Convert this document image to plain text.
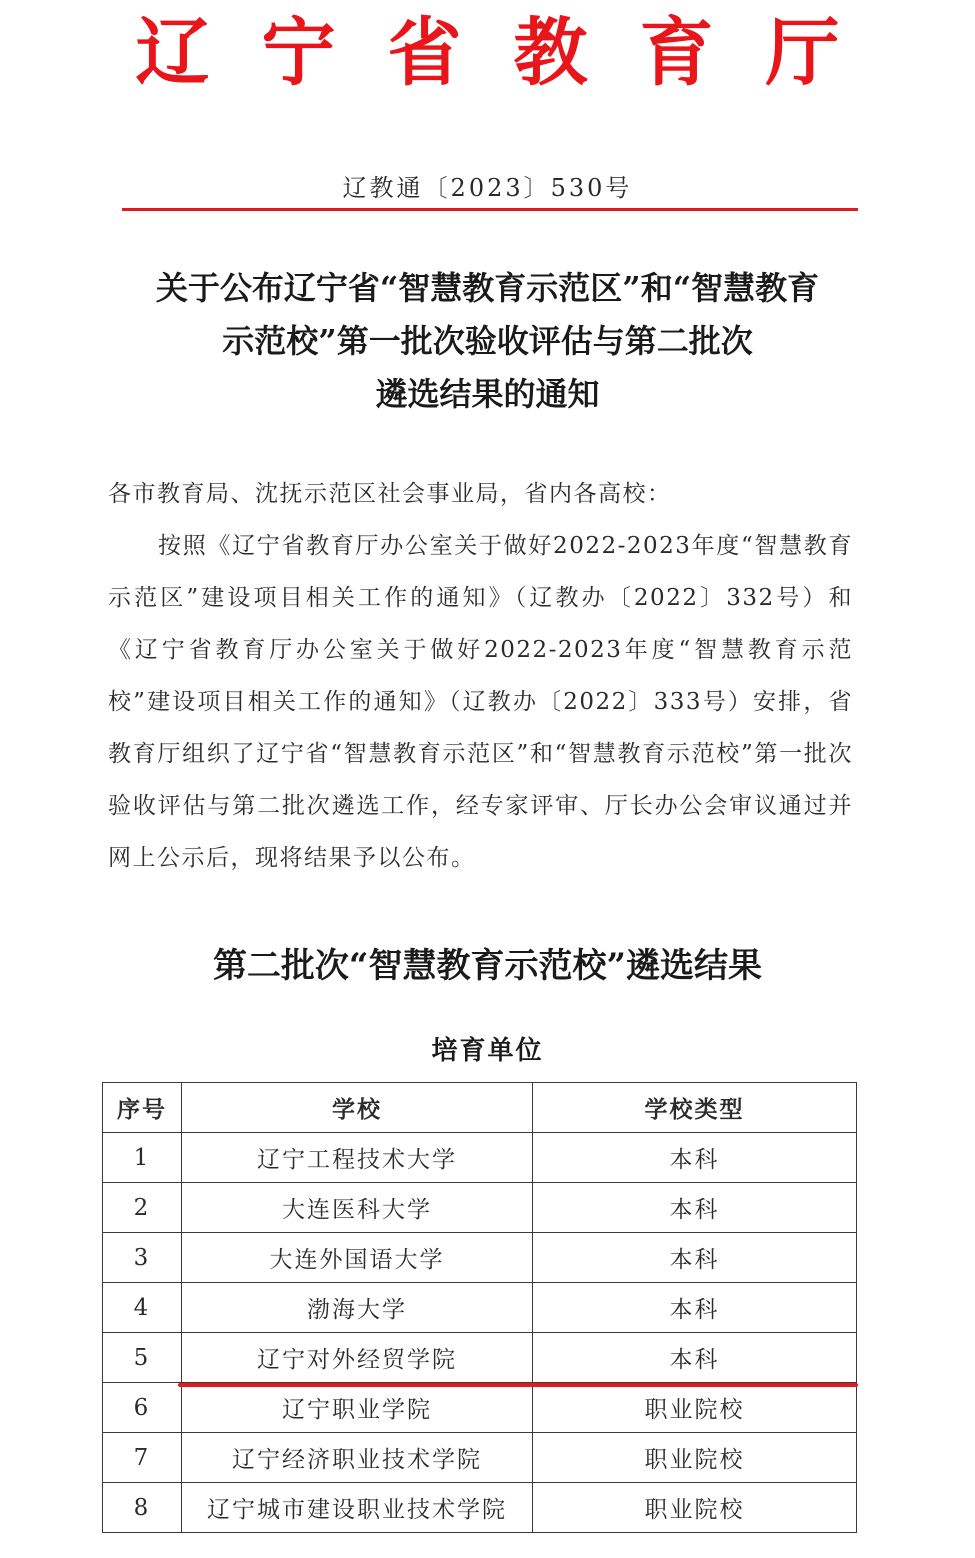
辽宁省教育厅
辽教通〔2023〕530号
关于公布辽宁省“智慧教育示范区”和“智慧教育
示范校”第一批次验收评估与第二批次
遴选结果的通知
各市教育局、沈抚示范区社会事业局，省内各高校：
按照《辽宁省教育厅办公室关于做好2022-2023年度“智慧教育示范区”建设项目相关工作的通知》（辽教办〔2022〕332号）和《辽宁省教育厅办公室关于做好2022-2023年度“智慧教育示范校”建设项目相关工作的通知》（辽教办〔2022〕333号）安排，省教育厅组织了辽宁省“智慧教育示范区”和“智慧教育示范校”第一批次验收评估与第二批次遴选工作，经专家评审、厅长办公会审议通过并网上公示后，现将结果予以公布。
第二批次“智慧教育示范校”遴选结果
培育单位
序号	学校	学校类型
1	辽宁工程技术大学	本科
2	大连医科大学	本科
3	大连外国语大学	本科
4	渤海大学	本科
5	辽宁对外经贸学院	本科
6	辽宁职业学院	职业院校
7	辽宁经济职业技术学院	职业院校
8	辽宁城市建设职业技术学院	职业院校
